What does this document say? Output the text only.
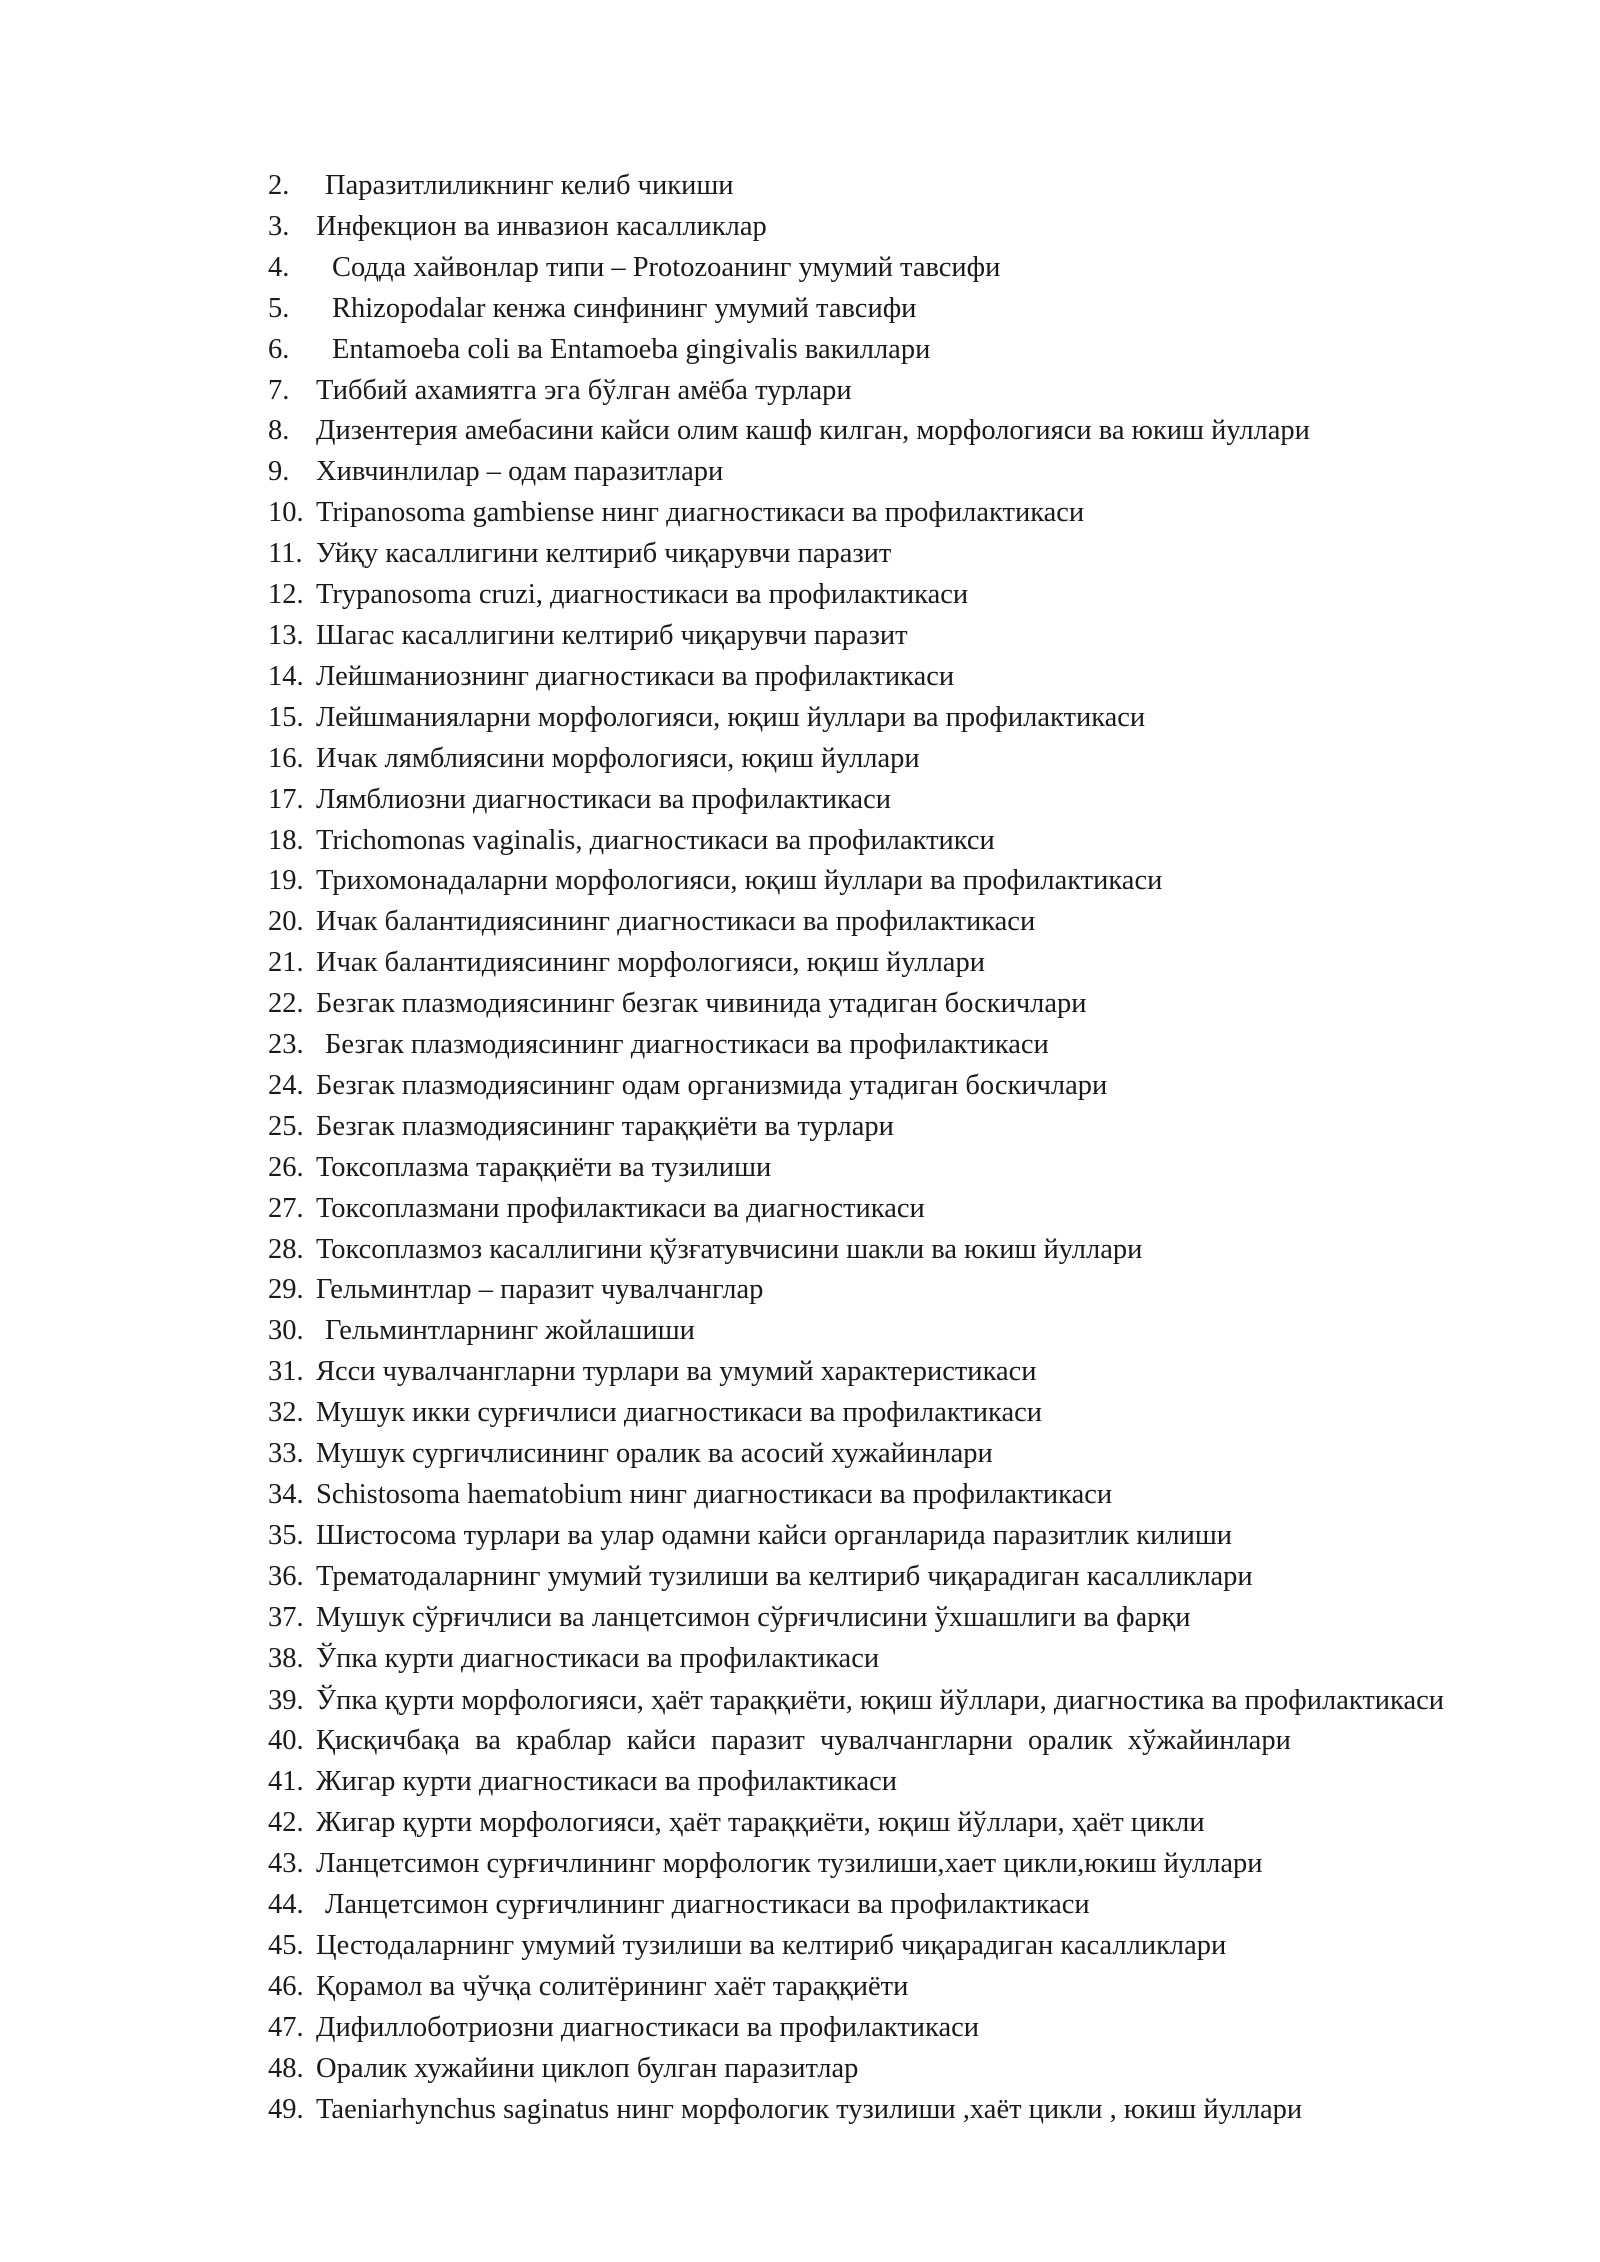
2.	Паразитлиликнинг келиб чикиши
3. Инфекцион ва инвазион касалликлар
4.	Содда хайвонлар типи – Protozoaнинг умумий тавсифи
5.	Rhizopodalar кенжа синфининг умумий тавсифи
6.	Entamoeba coli ва Entamoeba gingivalis вакиллари
7. Тиббий ахамиятга эга бўлган амёба турлари
8. Дизентерия амебасини кайси олим кашф килган, морфологияси ва юкиш йуллари
9. Хивчинлилар – одам паразитлари
10. Tripanosoma gambiense нинг диагностикаси ва профилактикаси
11. Уйқу касаллигини келтириб чиқарувчи паразит
12. Trypanosoma cruzi, диагностикаси ва профилактикаси
13. Шагас касаллигини келтириб чиқарувчи паразит
14. Лейшманиознинг диагностикаси ва профилактикаси
15. Лейшманияларни морфологияси, юқиш йуллари ва профилактикаси
16. Ичак лямблиясини морфологияси, юқиш йуллари
17. Лямблиозни диагностикаси ва профилактикаси
18. Trichomonas vaginalis, диагностикаси ва профилактикси
19. Трихомонадаларни морфологияси, юқиш йуллари ва профилактикаси
20. Ичак балантидиясининг диагностикаси ва профилактикаси
21. Ичак балантидиясининг морфологияси, юқиш йуллари
22. Безгак плазмодиясининг безгак чивинида утадиган боскичлари
23. Безгак плазмодиясининг диагностикаси ва профилактикаси
24. Безгак плазмодиясининг одам организмида утадиган боскичлари
25. Безгак плазмодиясининг тараққиёти ва турлари
26. Токсоплазма тараққиёти ва тузилиши
27. Токсоплазмани профилактикаси ва диагностикаси
28. Токсоплазмоз касаллигини қўзғатувчисини шакли ва юкиш йуллари
29. Гельминтлар – паразит чувалчанглар
30. Гельминтларнинг жойлашиши
31. Ясси чувалчангларни турлари ва умумий характеристикаси
32. Мушук икки сурғичлиси диагностикаси ва профилактикаси
33. Мушук сургичлисининг оралик ва асосий хужайинлари
34. Schistosoma haematobium нинг диагностикаси ва профилактикаси
35. Шистосома турлари ва улар одамни кайси органларида паразитлик килиши
36. Трематодаларнинг умумий тузилиши ва келтириб чиқарадиган касалликлари
37. Мушук сўрғичлиси ва ланцетсимон сўрғичлисини ўхшашлиги ва фарқи
38. Ўпка курти диагностикаси ва профилактикаси
39. Ўпка қурти морфологияси, ҳаёт тараққиёти, юқиш йўллари, диагностика ва профилактикаси
40. Қисқичбақа ва краблар кайси паразит чувалчангларни оралик хўжайинлари
41. Жигар курти диагностикаси ва профилактикаси
42. Жигар қурти морфологияси, ҳаёт тараққиёти, юқиш йўллари, ҳаёт цикли
43. Ланцетсимон сурғичлининг морфологик тузилиши,хает цикли,юкиш йуллари
44. Ланцетсимон сурғичлининг диагностикаси ва профилактикаси
45. Цестодаларнинг умумий тузилиши ва келтириб чиқарадиган касалликлари
46. Қорамол ва чўчқа солитёрининг хаёт тараққиёти
47. Дифиллоботриозни диагностикаси ва профилактикаси
48. Оралик хужайини циклоп булган паразитлар
49. Taeniarhynchus saginatus нинг морфологик тузилиши ,хаёт цикли , юкиш йуллари
